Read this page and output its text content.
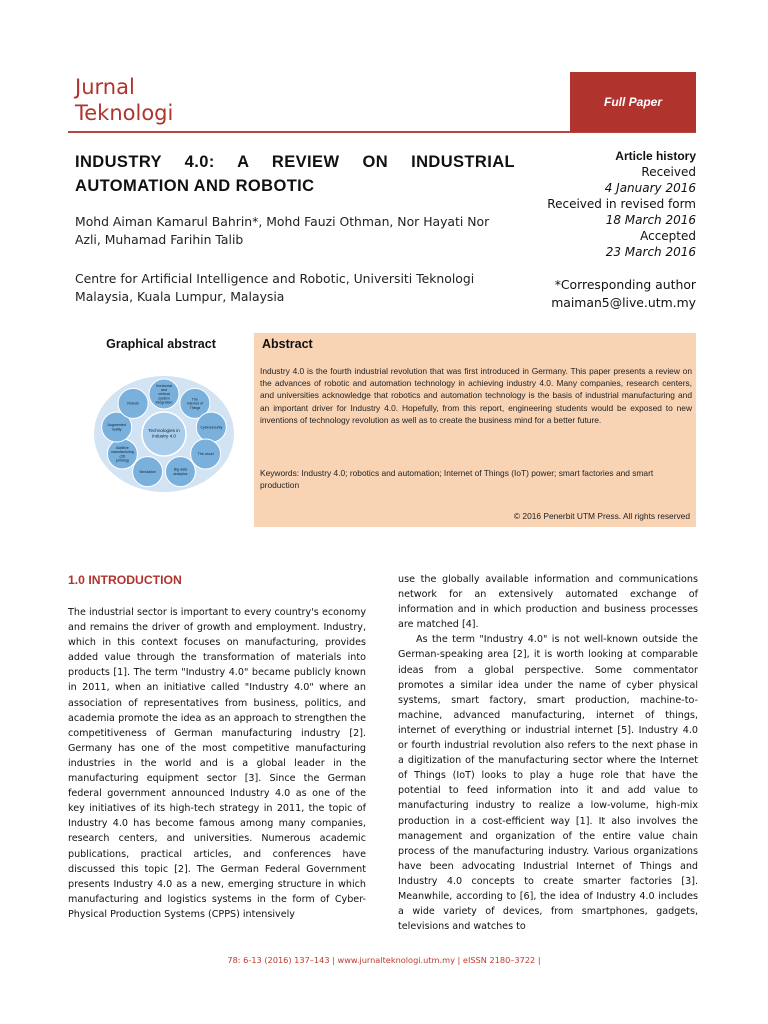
Jurnal
Teknologi	Full Paper
INDUSTRY 4.0: A REVIEW ON INDUSTRIAL
AUTOMATION AND ROBOTIC
Mohd Aiman Kamarul Bahrin*, Mohd Fauzi Othman, Nor Hayati Nor Azli, Muhamad Farihin Talib
Centre for Artificial Intelligence and Robotic, Universiti Teknologi Malaysia, Kuala Lumpur, Malaysia
Article history
Received
4 January 2016
Received in revised form
18 March 2016
Accepted
23 March 2016
*Corresponding author
maiman5@live.utm.my
Graphical abstract
Horizontal and vertical system integration
The Internet of Things
Cybersecurity
The cloud
Big data analytics
Simulation
Additive manufacturing (3D printing)
Augmented reality
Robots
Technologies in Industry 4.0
Abstract
Industry 4.0 is the fourth industrial revolution that was first introduced in Germany. This paper presents a review on the advances of robotic and automation technology in achieving industry 4.0. Many companies, research centers, and universities acknowledge that robotics and automation technology is the basis of industrial manufacturing and an important driver for Industry 4.0. Hopefully, from this report, engineering students would be exposed to new inventions of technology revolution as well as to create the business mind for a better future.
Keywords: Industry 4.0; robotics and automation; Internet of Things (IoT) power; smart factories and smart production
© 2016 Penerbit UTM Press. All rights reserved
1.0 INTRODUCTION

The industrial sector is important to every country's economy and remains the driver of growth and employment. Industry, which in this context focuses on manufacturing, provides added value through the transformation of materials into products [1]. The term "Industry 4.0" became publicly known in 2011, when an initiative called "Industry 4.0" where an association of representatives from business, politics, and academia promote the idea as an approach to strengthen the competitiveness of German manufacturing industry [2]. Germany has one of the most competitive manufacturing industries in the world and is a global leader in the manufacturing equipment sector [3]. Since the German federal government announced Industry 4.0 as one of the key initiatives of its high-tech strategy in 2011, the topic of Industry 4.0 has become famous among many companies, research centers, and universities. Numerous academic publications, practical articles, and conferences have discussed this topic [2]. The German Federal Government presents Industry 4.0 as a new, emerging structure in which manufacturing and logistics systems in the form of Cyber-Physical Production Systems (CPPS) intensively

use the globally available information and communications network for an extensively automated exchange of information and in which production and business processes are matched [4].

As the term "Industry 4.0" is not well-known outside the German-speaking area [2], it is worth looking at comparable ideas from a global perspective. Some commentator promotes a similar idea under the name of cyber physical systems, smart factory, smart production, machine-to-machine, advanced manufacturing, internet of things, internet of everything or industrial internet [5]. Industry 4.0 or fourth industrial revolution also refers to the next phase in a digitization of the manufacturing sector where the Internet of Things (IoT) looks to play a huge role that have the potential to feed information into it and add value to manufacturing industry to realize a low-volume, high-mix production in a cost-efficient way [1]. It also involves the management and organization of the entire value chain process of the manufacturing industry. Various organizations have been advocating Industrial Internet of Things and Industry 4.0 concepts to create smarter factories [3]. Meanwhile, according to [6], the idea of Industry 4.0 includes a wide variety of devices, from smartphones, gadgets, televisions and watches to

78: 6-13 (2016) 137–143 | www.jurnalteknologi.utm.my | eISSN 2180–3722 |
